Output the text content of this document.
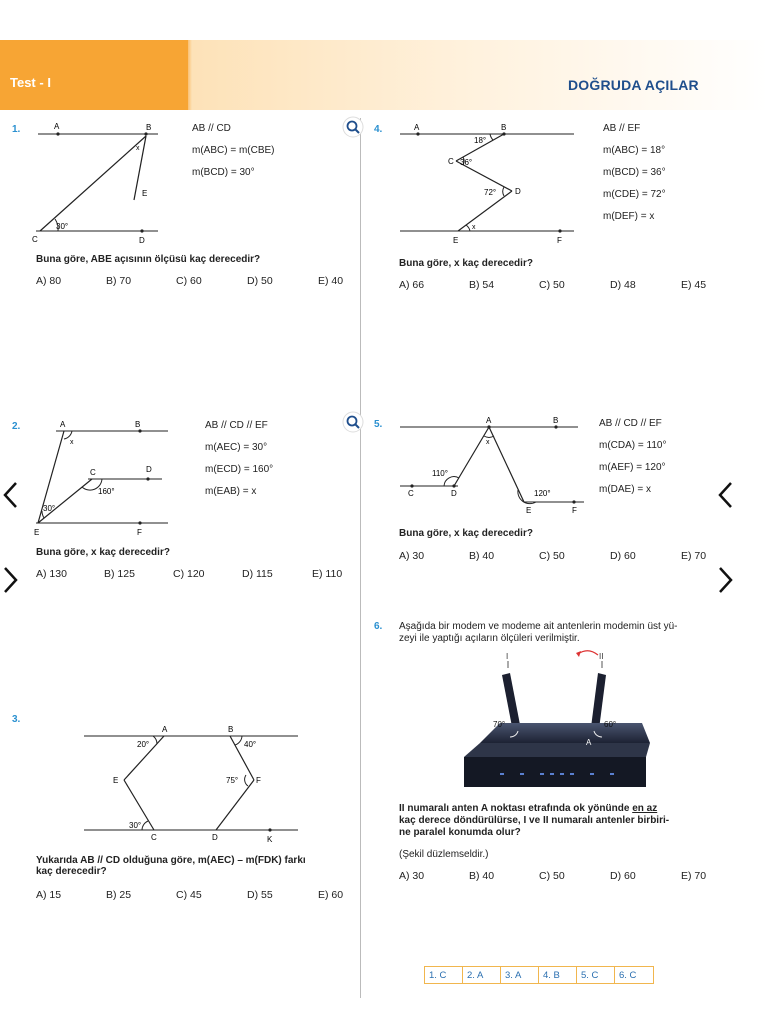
Test - I	DOĞRUDA AÇILAR
1.	A	B
C	D
E
x
30°
AB // CD
m(ABC) = m(CBE)
m(BCD) = 30°
Buna göre, ABE açısının ölçüsü kaç derecedir?
A) 80	B) 70	C) 60	D) 50	E) 40
2.	A	B
C	D
E	F
x
160°
30°
AB // CD // EF
m(AEC) = 30°
m(ECD) = 160°
m(EAB) = x
Buna göre, x kaç derecedir?
A) 130	B) 125	C) 120	D) 115	E) 110
3.
A	B
C	D
E	F
K
20°	40°
75°
30°
Yukarıda AB // CD olduğuna göre, m(AEC) – m(FDK) farkı
kaç derecedir?
A) 15	B) 25	C) 45	D) 55	E) 60
4.	A	B
C
D
E	F
x
18°
36°
72°
AB // EF
m(ABC) = 18°
m(BCD) = 36°
m(CDE) = 72°
m(DEF) = x
Buna göre, x kaç derecedir?
A) 66	B) 54	C) 50	D) 48	E) 45
5.	A	B
C	D
E	F
x
110°
120°
AB // CD // EF
m(CDA) = 110°
m(AEF) = 120°
m(DAE) = x
Buna göre, x kaç derecedir?
A) 30	B) 40	C) 50	D) 60	E) 70
6. Aşağıda bir modem ve modeme ait antenlerin modemin üst yü-
zeyi ile yaptığı açıların ölçüleri verilmiştir.
I	II
70°	60°
A
II numaralı anten A noktası etrafında ok yönünde en az
kaç derece döndürülürse, I ve II numaralı antenler birbiri-
ne paralel konumda olur?
(Şekil düzlemseldir.)
A) 30	B) 40	C) 50	D) 60	E) 70
1. C	2. A	3. A	4. B	5. C	6. C
